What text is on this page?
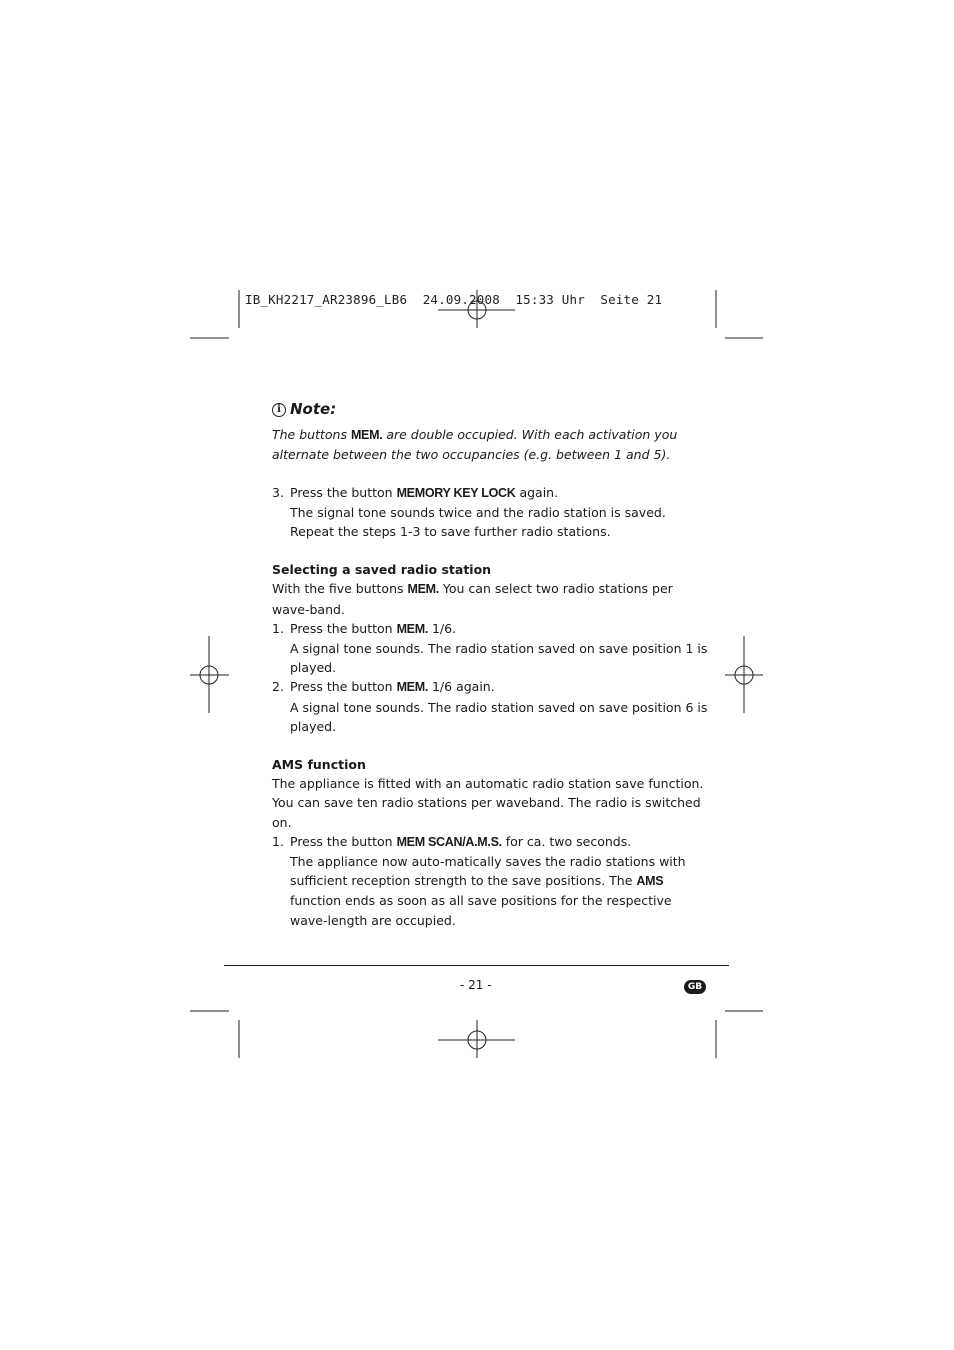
IB_KH2217_AR23896_LB6  24.09.2008  15:33 Uhr  Seite 21
i Note:
The buttons MEM. are double occupied. With each activation you alternate between the two occupancies (e.g. between 1 and 5).
3. Press the button MEMORY KEY LOCK again.
The signal tone sounds twice and the radio station is saved.
Repeat the steps 1-3 to save further radio stations.
Selecting a saved radio station
With the five buttons MEM. You can select two radio stations per wave-band.
1. Press the button MEM. 1/6.
A signal tone sounds. The radio station saved on save position 1 is played.
2. Press the button MEM. 1/6 again.
A signal tone sounds. The radio station saved on save position 6 is played.
AMS function
The appliance is fitted with an automatic radio station save function. You can save ten radio stations per waveband. The radio is switched on.
1. Press the button MEM SCAN/A.M.S. for ca. two seconds.
The appliance now auto-matically saves the radio stations with sufficient reception strength to the save positions. The AMS function ends as soon as all save positions for the respective wave-length are occupied.
- 21 -	GB
